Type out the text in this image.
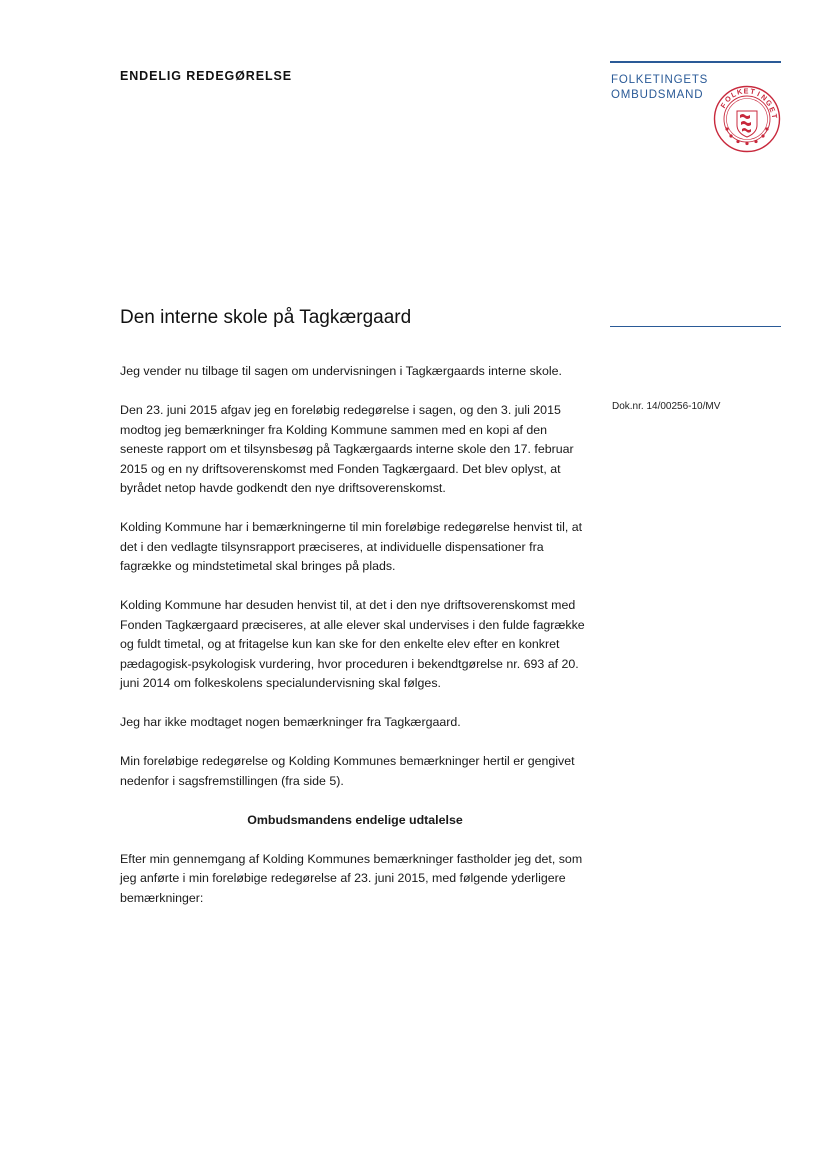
ENDELIG REDEGØRELSE	FOLKETINGETS
OMBUDSMAND
F
O
L
K E T I
N
G
E
T
Den interne skole på Tagkærgaard
Dok.nr. 14/00256-10/MV

Jeg vender nu tilbage til sagen om undervisningen i Tagkærgaards interne skole.

Den 23. juni 2015 afgav jeg en foreløbig redegørelse i sagen, og den 3. juli 2015 modtog jeg bemærkninger fra Kolding Kommune sammen med en kopi af den seneste rapport om et tilsynsbesøg på Tagkærgaards interne skole den 17. februar 2015 og en ny driftsoverenskomst med Fonden Tagkærgaard. Det blev oplyst, at byrådet netop havde godkendt den nye driftsoverenskomst.

Kolding Kommune har i bemærkningerne til min foreløbige redegørelse henvist til, at det i den vedlagte tilsynsrapport præciseres, at individuelle dispensationer fra fagrække og mindstetimetal skal bringes på plads.

Kolding Kommune har desuden henvist til, at det i den nye driftsoverenskomst med Fonden Tagkærgaard præciseres, at alle elever skal undervises i den fulde fagrække og fuldt timetal, og at fritagelse kun kan ske for den enkelte elev efter en konkret pædagogisk-psykologisk vurdering, hvor proceduren i bekendtgørelse nr. 693 af 20. juni 2014 om folkeskolens specialundervisning skal følges.

Jeg har ikke modtaget nogen bemærkninger fra Tagkærgaard.

Min foreløbige redegørelse og Kolding Kommunes bemærkninger hertil er gengivet nedenfor i sagsfremstillingen (fra side 5).

Ombudsmandens endelige udtalelse

Efter min gennemgang af Kolding Kommunes bemærkninger fastholder jeg det, som jeg anførte i min foreløbige redegørelse af 23. juni 2015, med følgende yderligere bemærkninger:
